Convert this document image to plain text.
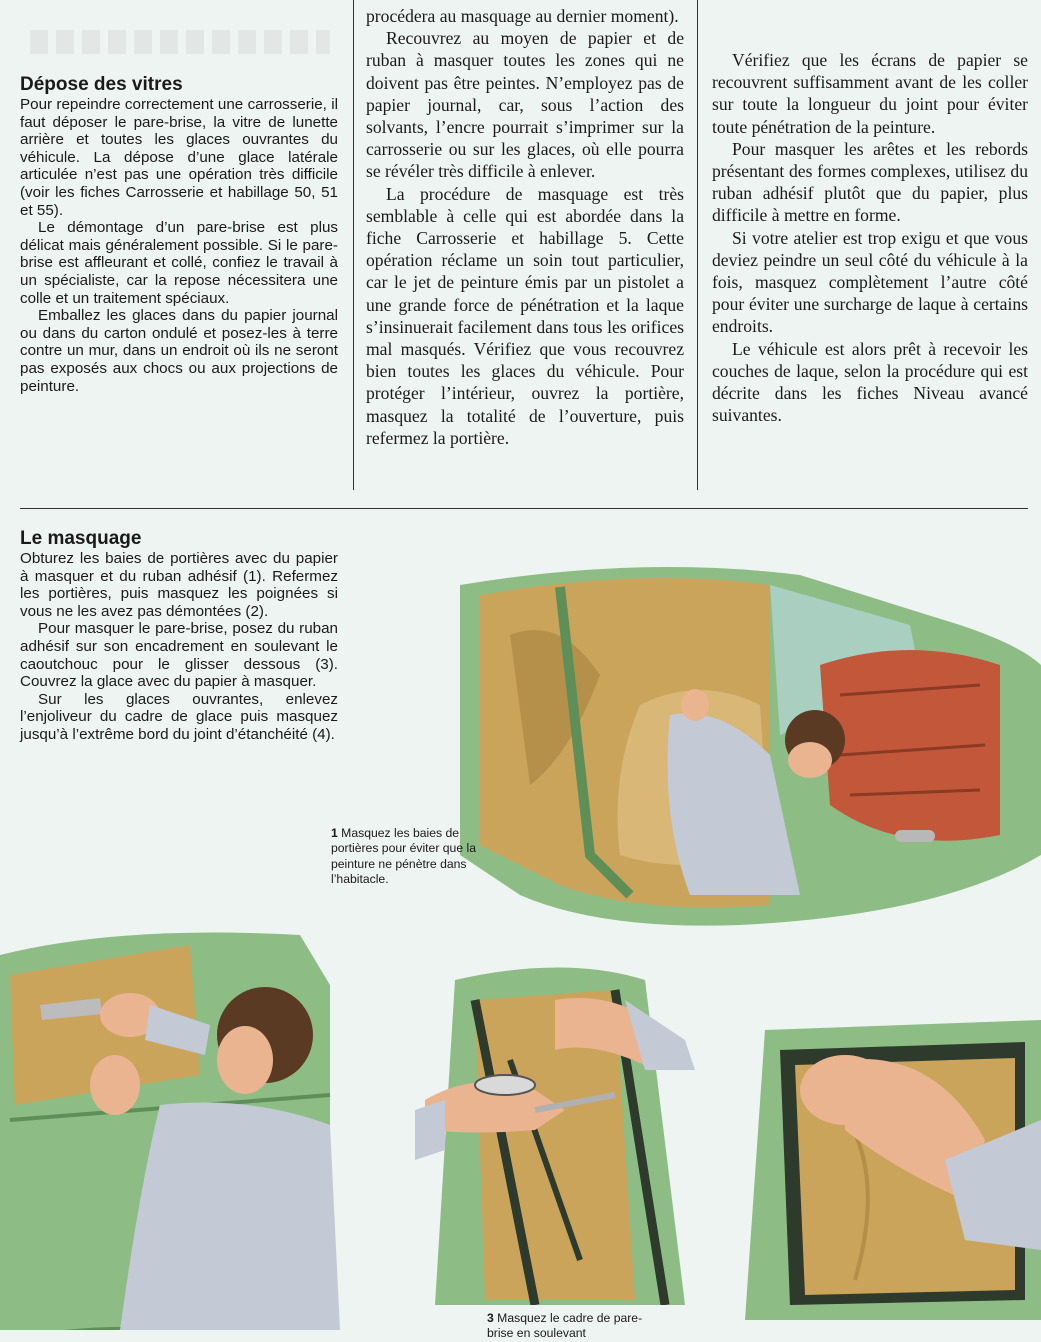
Dépose des vitres

Pour repeindre correctement une carrosserie, il faut déposer le pare-brise, la vitre de lunette arrière et toutes les glaces ouvrantes du véhicule. La dépose d’une glace latérale articulée n’est pas une opération très difficile (voir les fiches Carrosserie et habillage 50, 51 et 55).

Le démontage d’un pare-brise est plus délicat mais généralement possible. Si le pare-brise est affleurant et collé, confiez le travail à un spécialiste, car la repose nécessitera une colle et un traitement spéciaux.

Emballez les glaces dans du papier journal ou dans du carton ondulé et posez-les à terre contre un mur, dans un endroit où ils ne seront pas exposés aux chocs ou aux projections de peinture.

procédera au masquage au dernier moment).

Recouvrez au moyen de papier et de ruban à masquer toutes les zones qui ne doivent pas être peintes. N’employez pas de papier journal, car, sous l’action des solvants, l’encre pourrait s’imprimer sur la carrosserie ou sur les glaces, où elle pourra se révéler très difficile à enlever.

La procédure de masquage est très semblable à celle qui est abordée dans la fiche Carrosserie et habillage 5. Cette opération réclame un soin tout particulier, car le jet de peinture émis par un pistolet a une grande force de pénétration et la laque s’insinuerait facilement dans tous les orifices mal masqués. Vérifiez que vous recouvrez bien toutes les glaces du véhicule. Pour protéger l’intérieur, ouvrez la portière, masquez la totalité de l’ouverture, puis refermez la portière.

Vérifiez que les écrans de papier se recouvrent suffisamment avant de les coller sur toute la longueur du joint pour éviter toute pénétration de la peinture.

Pour masquer les arêtes et les rebords présentant des formes complexes, utilisez du ruban adhésif plutôt que du papier, plus difficile à mettre en forme.

Si votre atelier est trop exigu et que vous deviez peindre un seul côté du véhicule à la fois, masquez complètement l’autre côté pour éviter une surcharge de laque à certains endroits.

Le véhicule est alors prêt à recevoir les couches de laque, selon la procédure qui est décrite dans les fiches Niveau avancé suivantes.

Le masquage

Obturez les baies de portières avec du papier à masquer et du ruban adhésif (1). Refermez les portières, puis masquez les poignées si vous ne les avez pas démontées (2).

Pour masquer le pare-brise, posez du ruban adhésif sur son encadrement en soulevant le caoutchouc pour le glisser dessous (3). Couvrez la glace avec du papier à masquer.

Sur les glaces ouvrantes, enlevez l’enjoliveur du cadre de glace puis masquez jusqu’à l’extrême bord du joint d’étanchéité (4).

1 Masquez les baies de portières pour éviter que la peinture ne pénètre dans l’habitacle.
3 Masquez le cadre de pare-brise en soulevant
